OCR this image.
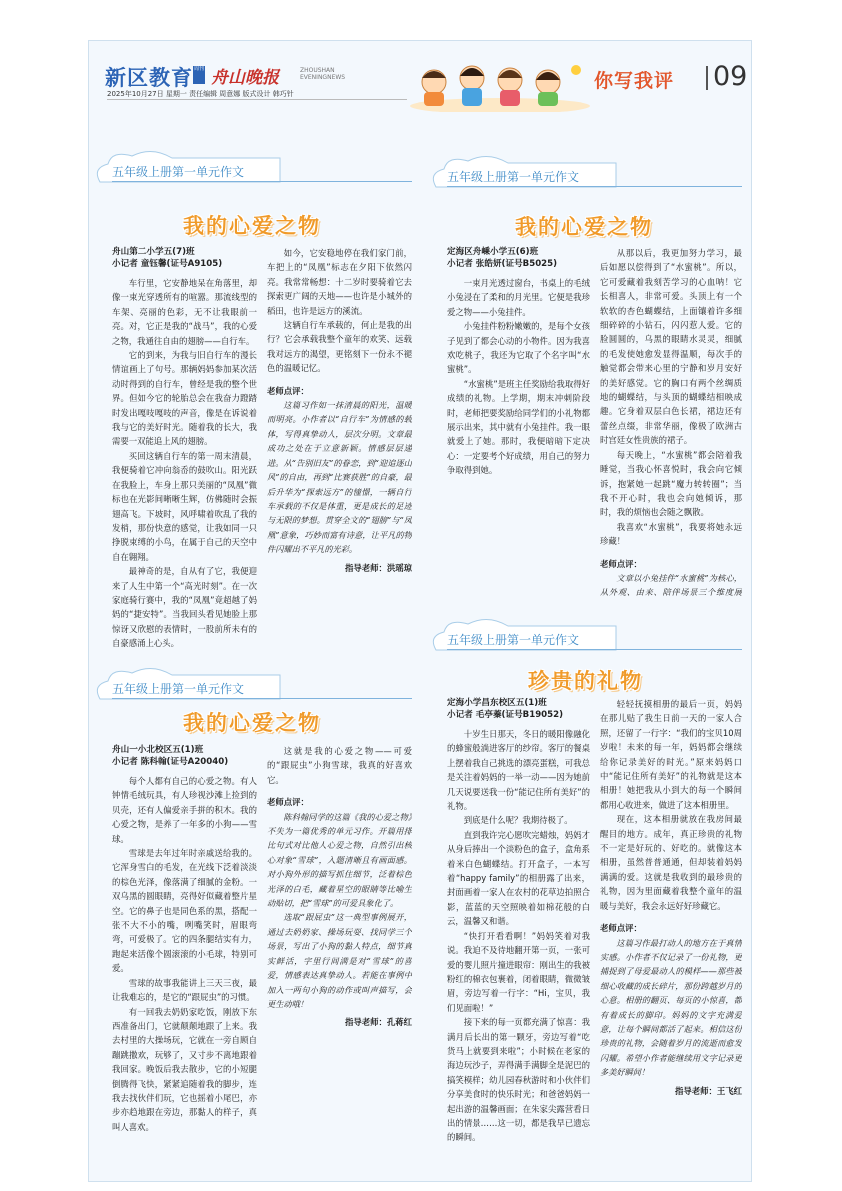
新区教育 周刊 舟山晚报	ZHOUSHAN EVENINGNEWS
2025年10月27日 星期一 责任编辑 周意娜 版式设计 韩巧针
你写我评 09
五年级上册第一单元作文
我的心爱之物

舟山第二小学五(7)班

小记者 童钰馨(证号A9105)

车行里，它安静地呆在角落里，却像一束光穿透所有的喧嚣。那流线型的车架、亮丽的色彩，无不让我眼前一亮。对，它正是我的“战马”，我的心爱之物，我通往自由的翅膀——自行车。

它的到来，为我与旧自行车的漫长情谊画上了句号。那辆妈妈参加某次活动时得到的自行车，曾经是我的整个世界。但如今它的轮胎总会在我奋力蹬踏时发出嘎吱嘎吱的声音，像是在诉说着我与它的美好时光。随着我的长大，我需要一双能追上风的翅膀。

买回这辆自行车的第一周末清晨，我便骑着它冲向翁岙的鼓吹山。阳光跃在我脸上，车身上那只美丽的“凤凰”微标也在光影间晰晰生辉，仿佛随时会振翅高飞。下坡时，风呼啸着吹乱了我的发梢，那份快意的感觉，让我如同一只挣脱束缚的小鸟，在属于自己的天空中自在翱翔。

最神奇的是，自从有了它，我便迎来了人生中第一个“高光时刻”。在一次家庭骑行赛中，我的“凤凰”竟超越了妈妈的“捷安特”。当我回头看见她脸上那惊讶又欣慰的表情时，一股前所未有的自豪感涌上心头。

如今，它安稳地停在我们家门前，车把上的“凤凰”标志在夕阳下依然闪亮。我常常畅想：十二岁时要骑着它去探索更广阔的天地——也许是小城外的稻田，也许是远方的溪流。

这辆自行车承载的，何止是我的出行？它会承载我整个童年的欢笑、远载我对远方的渴望，更铭刻下一份永不褪色的温暖记忆。

老师点评：

这篇习作如一抹清晨的阳光，温暖而明亮。小作者以“自行车”为情感的载体，写得真挚动人，层次分明。文章最成功之处在于立意新颖。情感层层递进。从“告别旧友”的眷恋，到“迎追逐山风”的自由，再到“比赛获胜”的自豪，最后升华为“探索远方”的憧憬，一辆自行车承载的不仅是体重，更是成长的足迹与无限的梦想。贯穿全文的“翅膀”与“凤凰”意象，巧妙而富有诗意，让平凡的物件闪耀出不平凡的光彩。

指导老师：洪瑶琼

五年级上册第一单元作文
我的心爱之物

定海区舟嵊小学五(6)班

小记者 张皓妍(证号B5025)

一束月光透过窗台，书桌上的毛绒小兔浸在了柔和的月光里。它便是我珍爱之物——小兔挂件。

小兔挂件粉粉嫩嫩的，是每个女孩子见到了都会心动的小物件。因为我喜欢吃桃子，我还为它取了个名字叫“水蜜桃”。

“水蜜桃”是班主任奖励给我取得好成绩的礼物。上学期，期末冲刺阶段时，老师把要奖励给同学们的小礼物都展示出来，其中就有小兔挂件。我一眼就爱上了她。那时，我便暗暗下定决心：一定要考个好成绩，用自己的努力争取得到她。

从那以后，我更加努力学习，最后如愿以偿得到了“水蜜桃”。所以，它可爱藏着我刻苦学习的心血呐！它长相喜人，非常可爱。头顶上有一个软软的杏色蝴蝶结，上面镶着许多细细碎碎的小钻石，闪闪惹人爱。它的脸圆圆的，乌黑的眼睛水灵灵，细腻的毛发使她愈发显得温顺，每次手的触觉都会带来心里的宁静和岁月安好的美好感觉。它的胸口有两个丝绸质地的蝴蝶结，与头顶的蝴蝶结相映成趣。它身着双层白色长裙，裙边还有蕾丝点缀，非常华丽，像极了欧洲古时宫廷女性贵族的裙子。

每天晚上，“水蜜桃”都会陪着我睡觉，当我心怀喜悦时，我会向它倾诉，抱紧她一起跳“魔力转转圈”；当我不开心时，我也会向她倾诉，那时，我的烦恼也会随之飘散。

我喜欢“水蜜桃”，我要将她永远珍藏！

老师点评：

文章以小兔挂件“水蜜桃”为核心，从外观、由来、陪伴场景三个维度展

五年级上册第一单元作文
我的心爱之物

舟山一小北校区五(1)班

小记者 陈科翰(证号A20040)

每个人都有自己的心爱之物。有人钟情毛绒玩具，有人珍视沙滩上捡到的贝壳，还有人偏爱亲手拼的积木。我的心爱之物，是养了一年多的小狗——雪球。

雪球是去年过年时亲戚送给我的。它浑身雪白的毛发，在光线下泛着淡淡的棕色光泽，像落满了细腻的金粉。一双乌黑的圆眼睛，亮得好似藏着整片星空。它的鼻子也是同色系的黑，搭配一张不大不小的嘴，咧嘴笑时，眉眼弯弯，可爱极了。它的四条腿结实有力，跑起来活像个圆滚滚的小毛球，特别可爱。

雪球的故事我能讲上三天三夜，最让我难忘的，是它的“跟屁虫”的习惯。

有一回我去奶奶家吃饭，刚放下东西准备出门，它就颠颠地跟了上来。我去村里的大操场玩，它就在一旁自顾自蹦跳撒欢，玩够了，又寸步不离地跟着我回家。晚饭后我去散步，它的小短腿倒腾得飞快，紧紧追随着我的脚步，连我去找伙伴们玩，它也摇着小尾巴，亦步亦趋地跟在旁边，那黏人的样子，真叫人喜欢。

这就是我的心爱之物——可爱的“跟屁虫”小狗雪球，我真的好喜欢它。

老师点评：

陈科翰同学的这篇《我的心爱之物》不失为一篇优秀的单元习作。开篇用排比句式对比他人心爱之物，自然引出核心对象“雪球”，入题清晰且有画面感。对小狗外形的描写抓住细节，泛着棕色光泽的白毛，藏着星空的眼睛等比喻生动贴切，把“雪球”的可爱具象化了。

选取“跟屁虫”这一典型事例展开，通过去奶奶家、操场玩耍、找同学三个场景，写出了小狗的黏人特点，细节真实鲜活，字里行间满是对“雪球”的喜爱，情感表达真挚动人。若能在事例中加入一两句小狗的动作或叫声描写，会更生动哦！

指导老师：孔蒋红

五年级上册第一单元作文
珍贵的礼物

定海小学昌东校区五(1)班

小记者 毛亭蓁(证号B19052)

十岁生日那天，冬日的暖阳像融化的蜂蜜般淌进客厅的纱帘。客厅的餐桌上摆着我自己挑选的漂亮蛋糕，可我总是关注着妈妈的一举一动——因为她前几天说要送我一份“能记住所有美好”的礼物。

到底是什么呢？我期待极了。

直到我许完心愿吹完蜡烛，妈妈才从身后捧出一个淡粉色的盒子，盒角系着米白色蝴蝶结。打开盒子，一本写着“happy family”的相册露了出来，封面画着一家人在农村的花草边拍照合影，蓝蓝的天空照映着如棉花般的白云，温馨又和谐。

“快打开看看啊！”妈妈笑着对我说。我迫不及待地翻开第一页，一张可爱的婴儿照片撞进眼帘：刚出生的我被粉红的棉衣包裹着，闭着眼睛，微微皱眉，旁边写着一行字：“Hi，宝贝，我们见面啦！”

接下来的每一页都充满了惊喜：我满月后长出的第一颗牙，旁边写着“吃货马上就要到来啦”；小时候在老家的海边玩沙子，弄得满手满脚全是泥巴的搞笑模样；幼儿园春秋游时和小伙伴们分享美食时的快乐时光；和爸爸妈妈一起出游的温馨画面；在朱家尖露营看日出的情景……这一切，都是我早已遗忘的瞬间。

轻轻抚摸相册的最后一页，妈妈在那儿贴了我生日前一天的一家人合照，还留了一行字：“我们的宝贝10周岁啦！未来的每一年，妈妈都会继续给你记录美好的时光。”原来妈妈口中“能记住所有美好”的礼物就是这本相册！她把我从小到大的每一个瞬间都用心收进来，做进了这本相册里。

现在，这本相册就放在我房间最醒目的地方。成年，真正珍贵的礼物不一定是好玩的、好吃的。就像这本相册，虽然普普通通，但却装着妈妈满满的爱。这就是我收到的最珍贵的礼物，因为里面藏着我整个童年的温暖与美好，我会永远好好珍藏它。

老师点评：

这篇习作最打动人的地方在于真情实感。小作者不仅记录了一份礼物，更捕捉到了母爱最动人的模样——那些被细心收藏的成长碎片，那份跨越岁月的心意。相册的翻页、每页的小惊喜，都有着成长的脚印。妈妈的文字充满爱意，让每个瞬间都活了起来。相信这份珍贵的礼物，会随着岁月的流逝而愈发闪耀。希望小作者能继续用文字记录更多美好瞬间！

指导老师：王飞红
